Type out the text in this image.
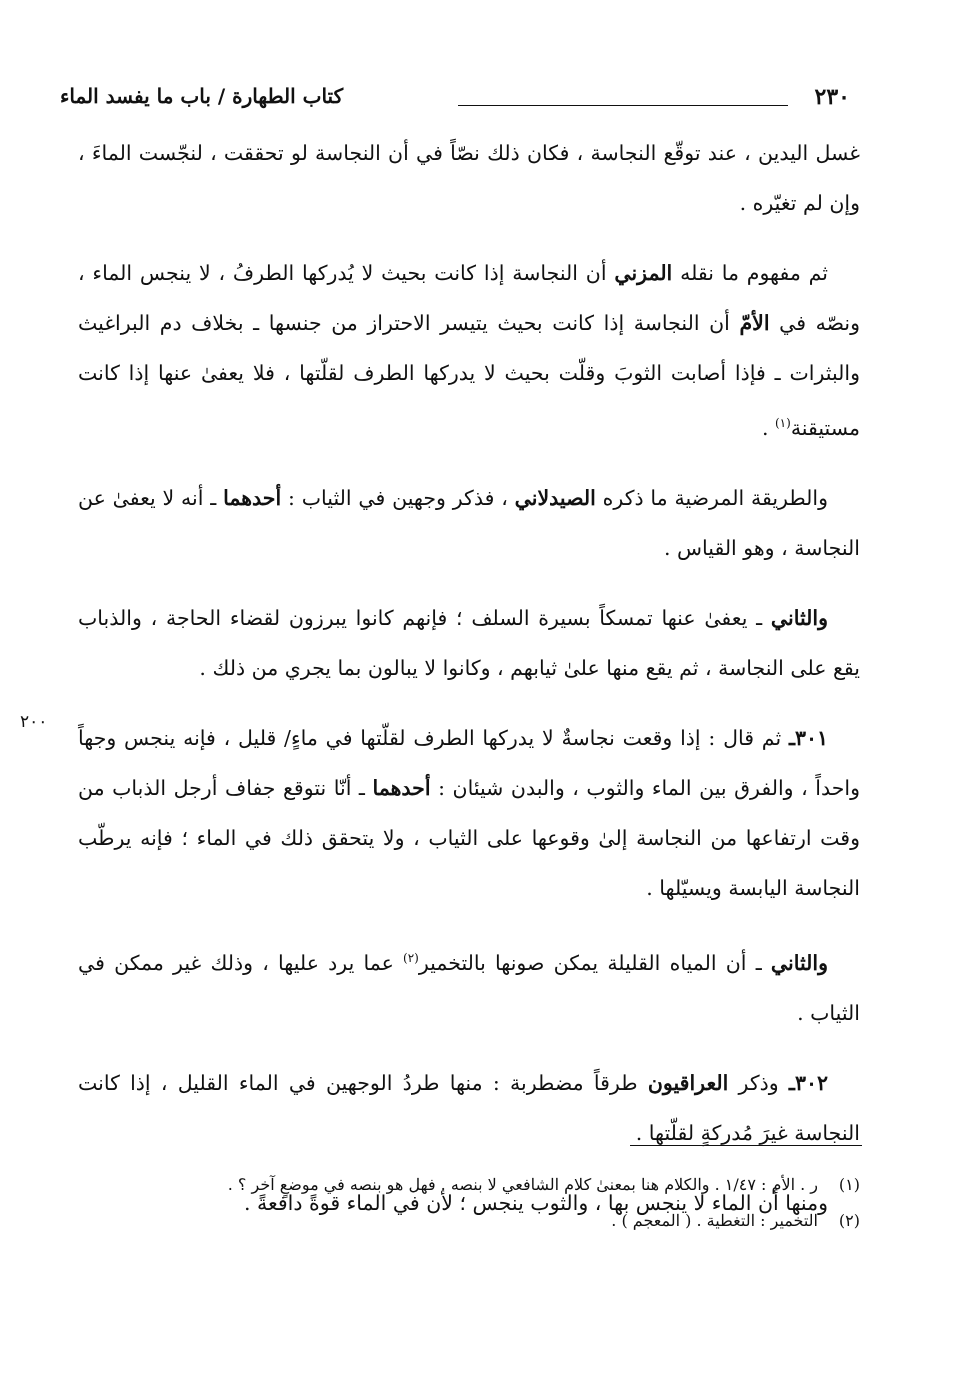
٢٣٠
كتاب الطهارة / باب ما يفسد الماء
٢٠٠

غسل اليدين ، عند توقّع النجاسة ، فكان ذلك نصّاً في أن النجاسة لو تحققت ، لنجّست الماءَ ، وإن لم تغيّره .

ثم مفهوم ما نقله المزني أن النجاسة إذا كانت بحيث لا يُدركها الطرفُ ، لا ينجس الماء ، ونصّه في الأمّ أن النجاسة إذا كانت بحيث يتيسر الاحتراز من جنسها ـ بخلاف دم البراغيث والبثرات ـ فإذا أصابت الثوبَ وقلّت بحيث لا يدركها الطرف لقلّتها ، فلا يعفىٰ عنها إذا كانت مستيقنة$^{(١)}$ .

والطريقة المرضية ما ذكره الصيدلاني ، فذكر وجهين في الثياب : أحدهما ـ أنه لا يعفىٰ عن النجاسة ، وهو القياس .

والثاني ـ يعفىٰ عنها تمسكاً بسيرة السلف ؛ فإنهم كانوا يبرزون لقضاء الحاجة ، والذباب يقع على النجاسة ، ثم يقع منها علىٰ ثيابهم ، وكانوا لا يبالون بما يجري من ذلك .

٣٠١ـ ثم قال : إذا وقعت نجاسةٌ لا يدركها الطرف لقلّتها في ماءٍ/ قليل ، فإنه ينجس وجهاً واحداً ، والفرق بين الماء والثوب ، والبدن شيئان : أحدهما ـ أنّا نتوقع جفاف أرجل الذباب من وقت ارتفاعها من النجاسة إلىٰ وقوعها على الثياب ، ولا يتحقق ذلك في الماء ؛ فإنه يرطّب النجاسة اليابسة ويسيّلها .

والثاني ـ أن المياه القليلة يمكن صونها بالتخمير$^{(٢)}$ عما يرد عليها ، وذلك غير ممكن في الثياب .

٣٠٢ـ وذكر العراقيون طرقاً مضطربة : منها طردُ الوجهين في الماء القليل ، إذا كانت النجاسة غيرَ مُدركةٍ لقلّتها .

ومنها أن الماء لا ينجس بها ، والثوب ينجس ؛ لأن في الماء قوةً دافعةً .

(١)
ر . الأم : ١/٤٧ . والكلام هنا بمعنىٰ كلام الشافعي لا بنصه . فهل هو بنصه في موضعٍ آخر ؟ .
(٢)
التخمير : التغطية . ( المعجم ) .
